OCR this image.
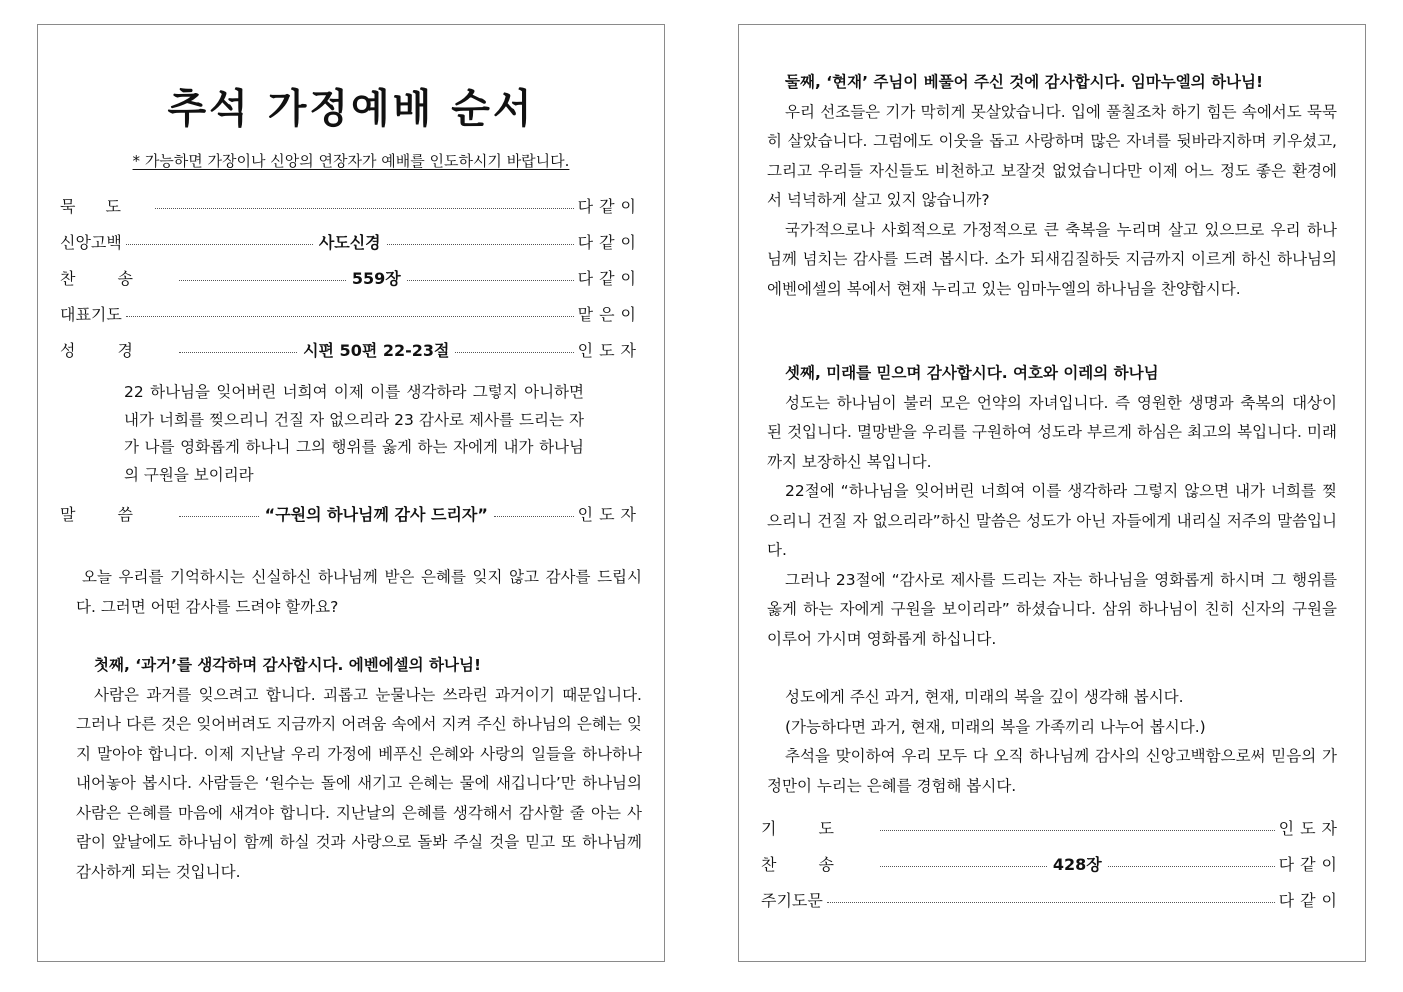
추석 가정예배 순서
* 가능하면 가장이나 신앙의 연장자가 예배를 인도하시기 바랍니다.
묵도	다같이
신앙고백	사도신경	다같이
찬송	559장	다같이
대표기도	맡은이
성경	시편 50편 22-23절	인도자
22 하나님을 잊어버린 너희여 이제 이를 생각하라 그렇지 아니하면 내가 너희를 찢으리니 건질 자 없으리라 23 감사로 제사를 드리는 자가 나를 영화롭게 하나니 그의 행위를 옳게 하는 자에게 내가 하나님의 구원을 보이리라
말씀	“구원의 하나님께 감사 드리자”	인도자
오늘 우리를 기억하시는 신실하신 하나님께 받은 은혜를 잊지 않고 감사를 드립시다. 그러면 어떤 감사를 드려야 할까요?
첫째, ‘과거’를 생각하며 감사합시다. 에벤에셀의 하나님!
사람은 과거를 잊으려고 합니다. 괴롭고 눈물나는 쓰라린 과거이기 때문입니다. 그러나 다른 것은 잊어버려도 지금까지 어려움 속에서 지켜 주신 하나님의 은혜는 잊지 말아야 합니다. 이제 지난날 우리 가정에 베푸신 은혜와 사랑의 일들을 하나하나 내어놓아 봅시다. 사람들은 ‘원수는 돌에 새기고 은혜는 물에 새깁니다’만 하나님의 사람은 은혜를 마음에 새겨야 합니다. 지난날의 은혜를 생각해서 감사할 줄 아는 사람이 앞날에도 하나님이 함께 하실 것과 사랑으로 돌봐 주실 것을 믿고 또 하나님께 감사하게 되는 것입니다.
둘째, ‘현재’ 주님이 베풀어 주신 것에 감사합시다. 임마누엘의 하나님!
우리 선조들은 기가 막히게 못살았습니다. 입에 풀칠조차 하기 힘든 속에서도 묵묵히 살았습니다. 그럼에도 이웃을 돕고 사랑하며 많은 자녀를 뒷바라지하며 키우셨고, 그리고 우리들 자신들도 비천하고 보잘것 없었습니다만 이제 어느 정도 좋은 환경에서 넉넉하게 살고 있지 않습니까?
국가적으로나 사회적으로 가정적으로 큰 축복을 누리며 살고 있으므로 우리 하나님께 넘치는 감사를 드려 봅시다. 소가 되새김질하듯 지금까지 이르게 하신 하나님의 에벤에셀의 복에서 현재 누리고 있는 임마누엘의 하나님을 찬양합시다.
셋째, 미래를 믿으며 감사합시다. 여호와 이레의 하나님
성도는 하나님이 불러 모은 언약의 자녀입니다. 즉 영원한 생명과 축복의 대상이 된 것입니다. 멸망받을 우리를 구원하여 성도라 부르게 하심은 최고의 복입니다. 미래까지 보장하신 복입니다.
22절에 “하나님을 잊어버린 너희여 이를 생각하라 그렇지 않으면 내가 너희를 찢으리니 건질 자 없으리라”하신 말씀은 성도가 아닌 자들에게 내리실 저주의 말씀입니다.
그러나 23절에 “감사로 제사를 드리는 자는 하나님을 영화롭게 하시며 그 행위를 옳게 하는 자에게 구원을 보이리라” 하셨습니다. 삼위 하나님이 친히 신자의 구원을 이루어 가시며 영화롭게 하십니다.
성도에게 주신 과거, 현재, 미래의 복을 깊이 생각해 봅시다.
(가능하다면 과거, 현재, 미래의 복을 가족끼리 나누어 봅시다.)
추석을 맞이하여 우리 모두 다 오직 하나님께 감사의 신앙고백함으로써 믿음의 가정만이 누리는 은혜를 경험해 봅시다.
기도	인도자
찬송	428장	다같이
주기도문	다같이
